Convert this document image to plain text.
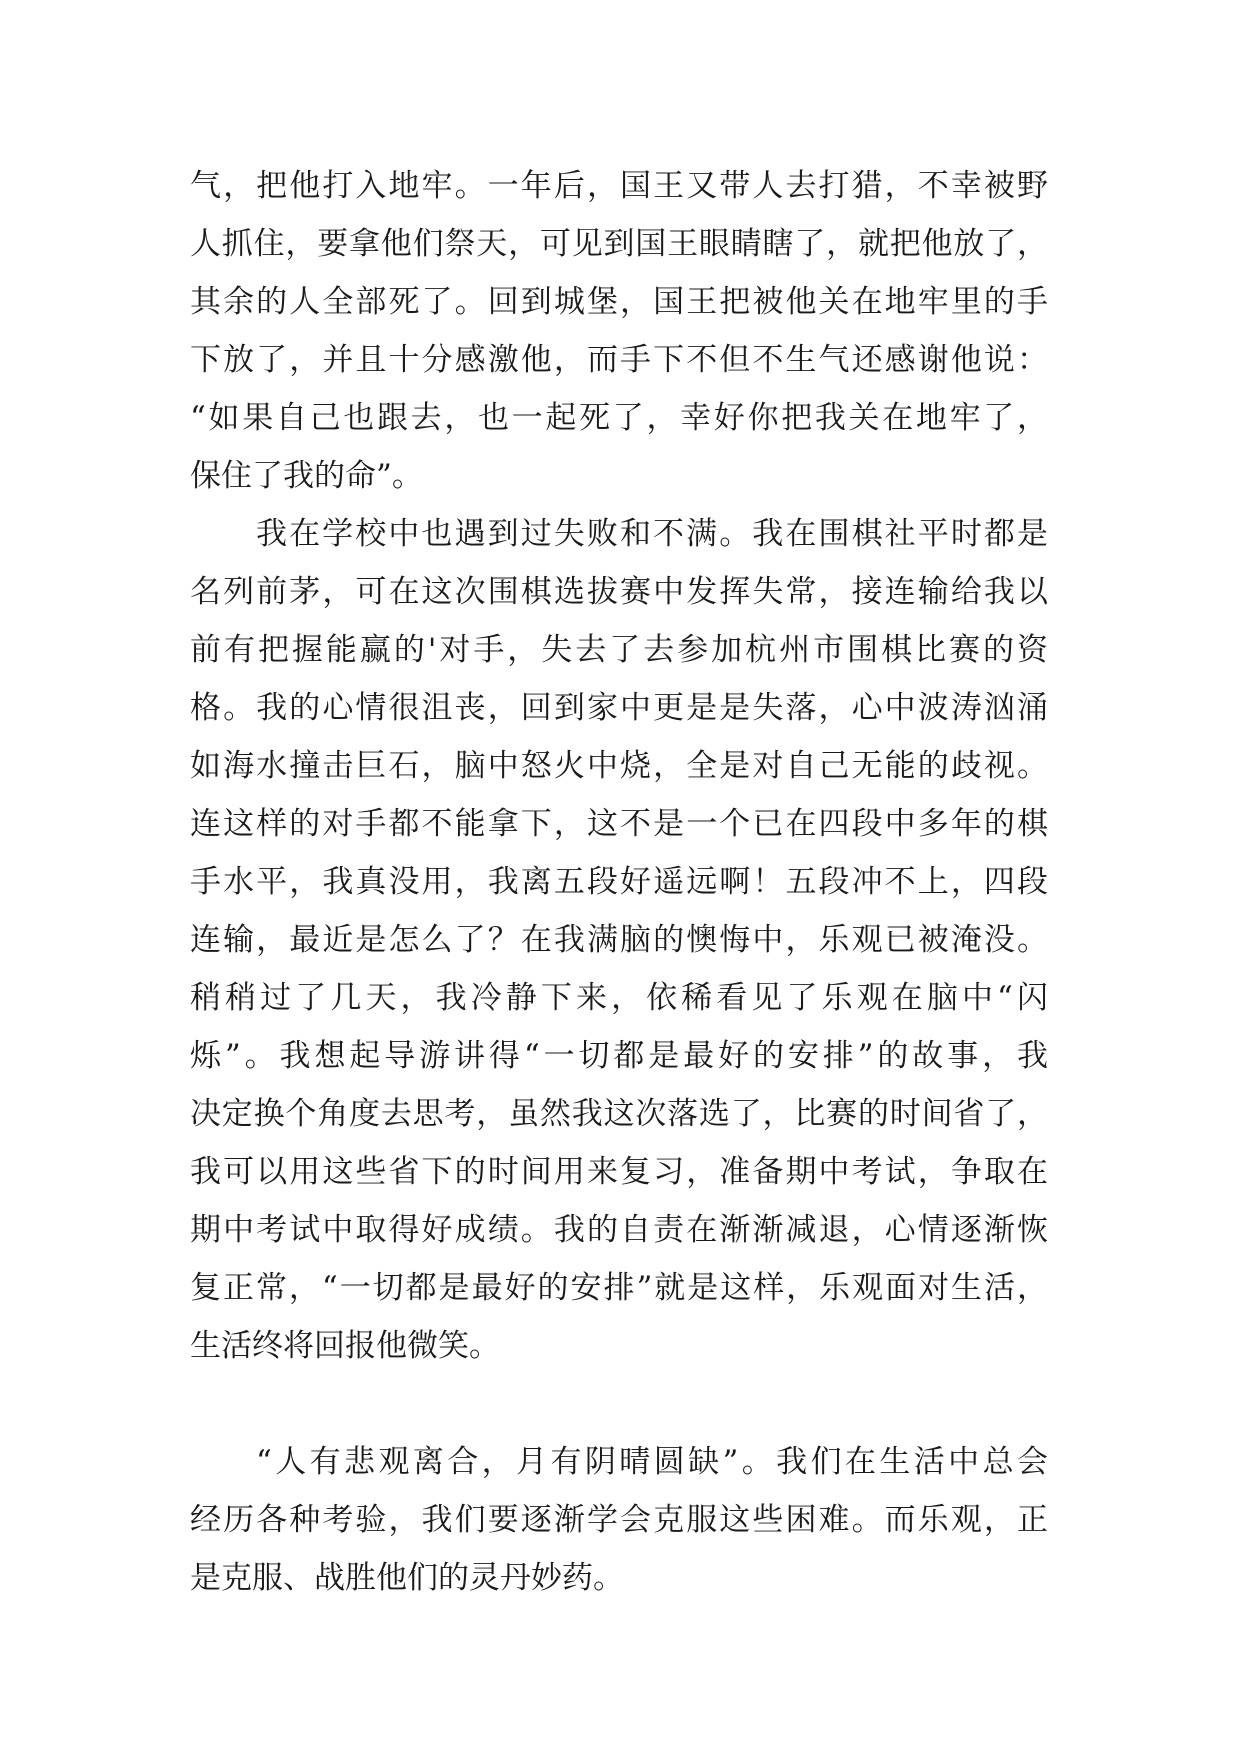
气，把他打入地牢。一年后，国王又带人去打猎，不幸被野
人抓住，要拿他们祭天，可见到国王眼睛瞎了，就把他放了，
其余的人全部死了。回到城堡，国王把被他关在地牢里的手
下放了，并且十分感激他，而手下不但不生气还感谢他说：
“如果自己也跟去，也一起死了，幸好你把我关在地牢了，
保住了我的命”。
我在学校中也遇到过失败和不满。我在围棋社平时都是
名列前茅，可在这次围棋选拔赛中发挥失常，接连输给我以
前有把握能赢的'对手，失去了去参加杭州市围棋比赛的资
格。我的心情很沮丧，回到家中更是是失落，心中波涛汹涌
如海水撞击巨石，脑中怒火中烧，全是对自己无能的歧视。
连这样的对手都不能拿下，这不是一个已在四段中多年的棋
手水平，我真没用，我离五段好遥远啊！五段冲不上，四段
连输，最近是怎么了？在我满脑的懊悔中，乐观已被淹没。
稍稍过了几天，我冷静下来，依稀看见了乐观在脑中“闪
烁”。我想起导游讲得“一切都是最好的安排”的故事，我
决定换个角度去思考，虽然我这次落选了，比赛的时间省了，
我可以用这些省下的时间用来复习，准备期中考试，争取在
期中考试中取得好成绩。我的自责在渐渐减退，心情逐渐恢
复正常，“一切都是最好的安排”就是这样，乐观面对生活，
生活终将回报他微笑。
“人有悲观离合，月有阴晴圆缺”。我们在生活中总会
经历各种考验，我们要逐渐学会克服这些困难。而乐观，正
是克服、战胜他们的灵丹妙药。
